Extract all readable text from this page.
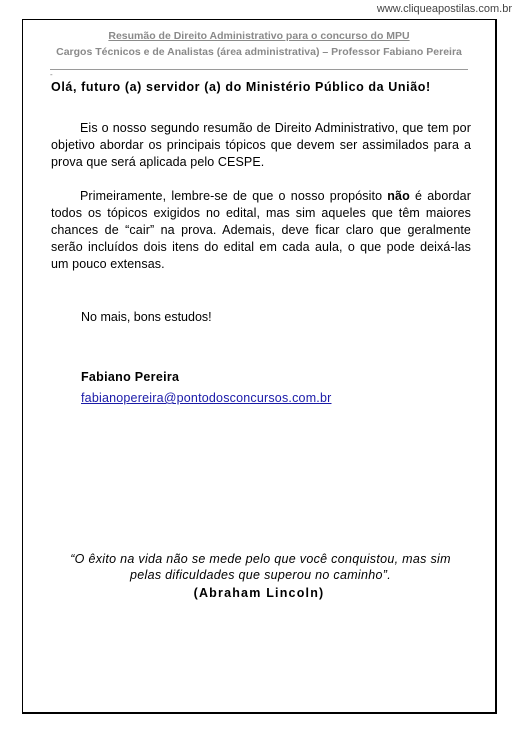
www.cliqueapostilas.com.br
Resumão de Direito Administrativo para o concurso do MPU
Cargos Técnicos e de Analistas (área administrativa) – Professor Fabiano Pereira
-
Olá, futuro (a) servidor (a) do Ministério Público da União!
Eis o nosso segundo resumão de Direito Administrativo, que tem por objetivo abordar os principais tópicos que devem ser assimilados para a prova que será aplicada pelo CESPE.
Primeiramente, lembre-se de que o nosso propósito não é abordar todos os tópicos exigidos no edital, mas sim aqueles que têm maiores chances de “cair” na prova. Ademais, deve ficar claro que geralmente serão incluídos dois itens do edital em cada aula, o que pode deixá-las um pouco extensas.
No mais, bons estudos!
Fabiano Pereira
fabianopereira@pontodosconcursos.com.br
“O êxito na vida não se mede pelo que você conquistou, mas sim pelas dificuldades que superou no caminho”.
(Abraham Lincoln)
